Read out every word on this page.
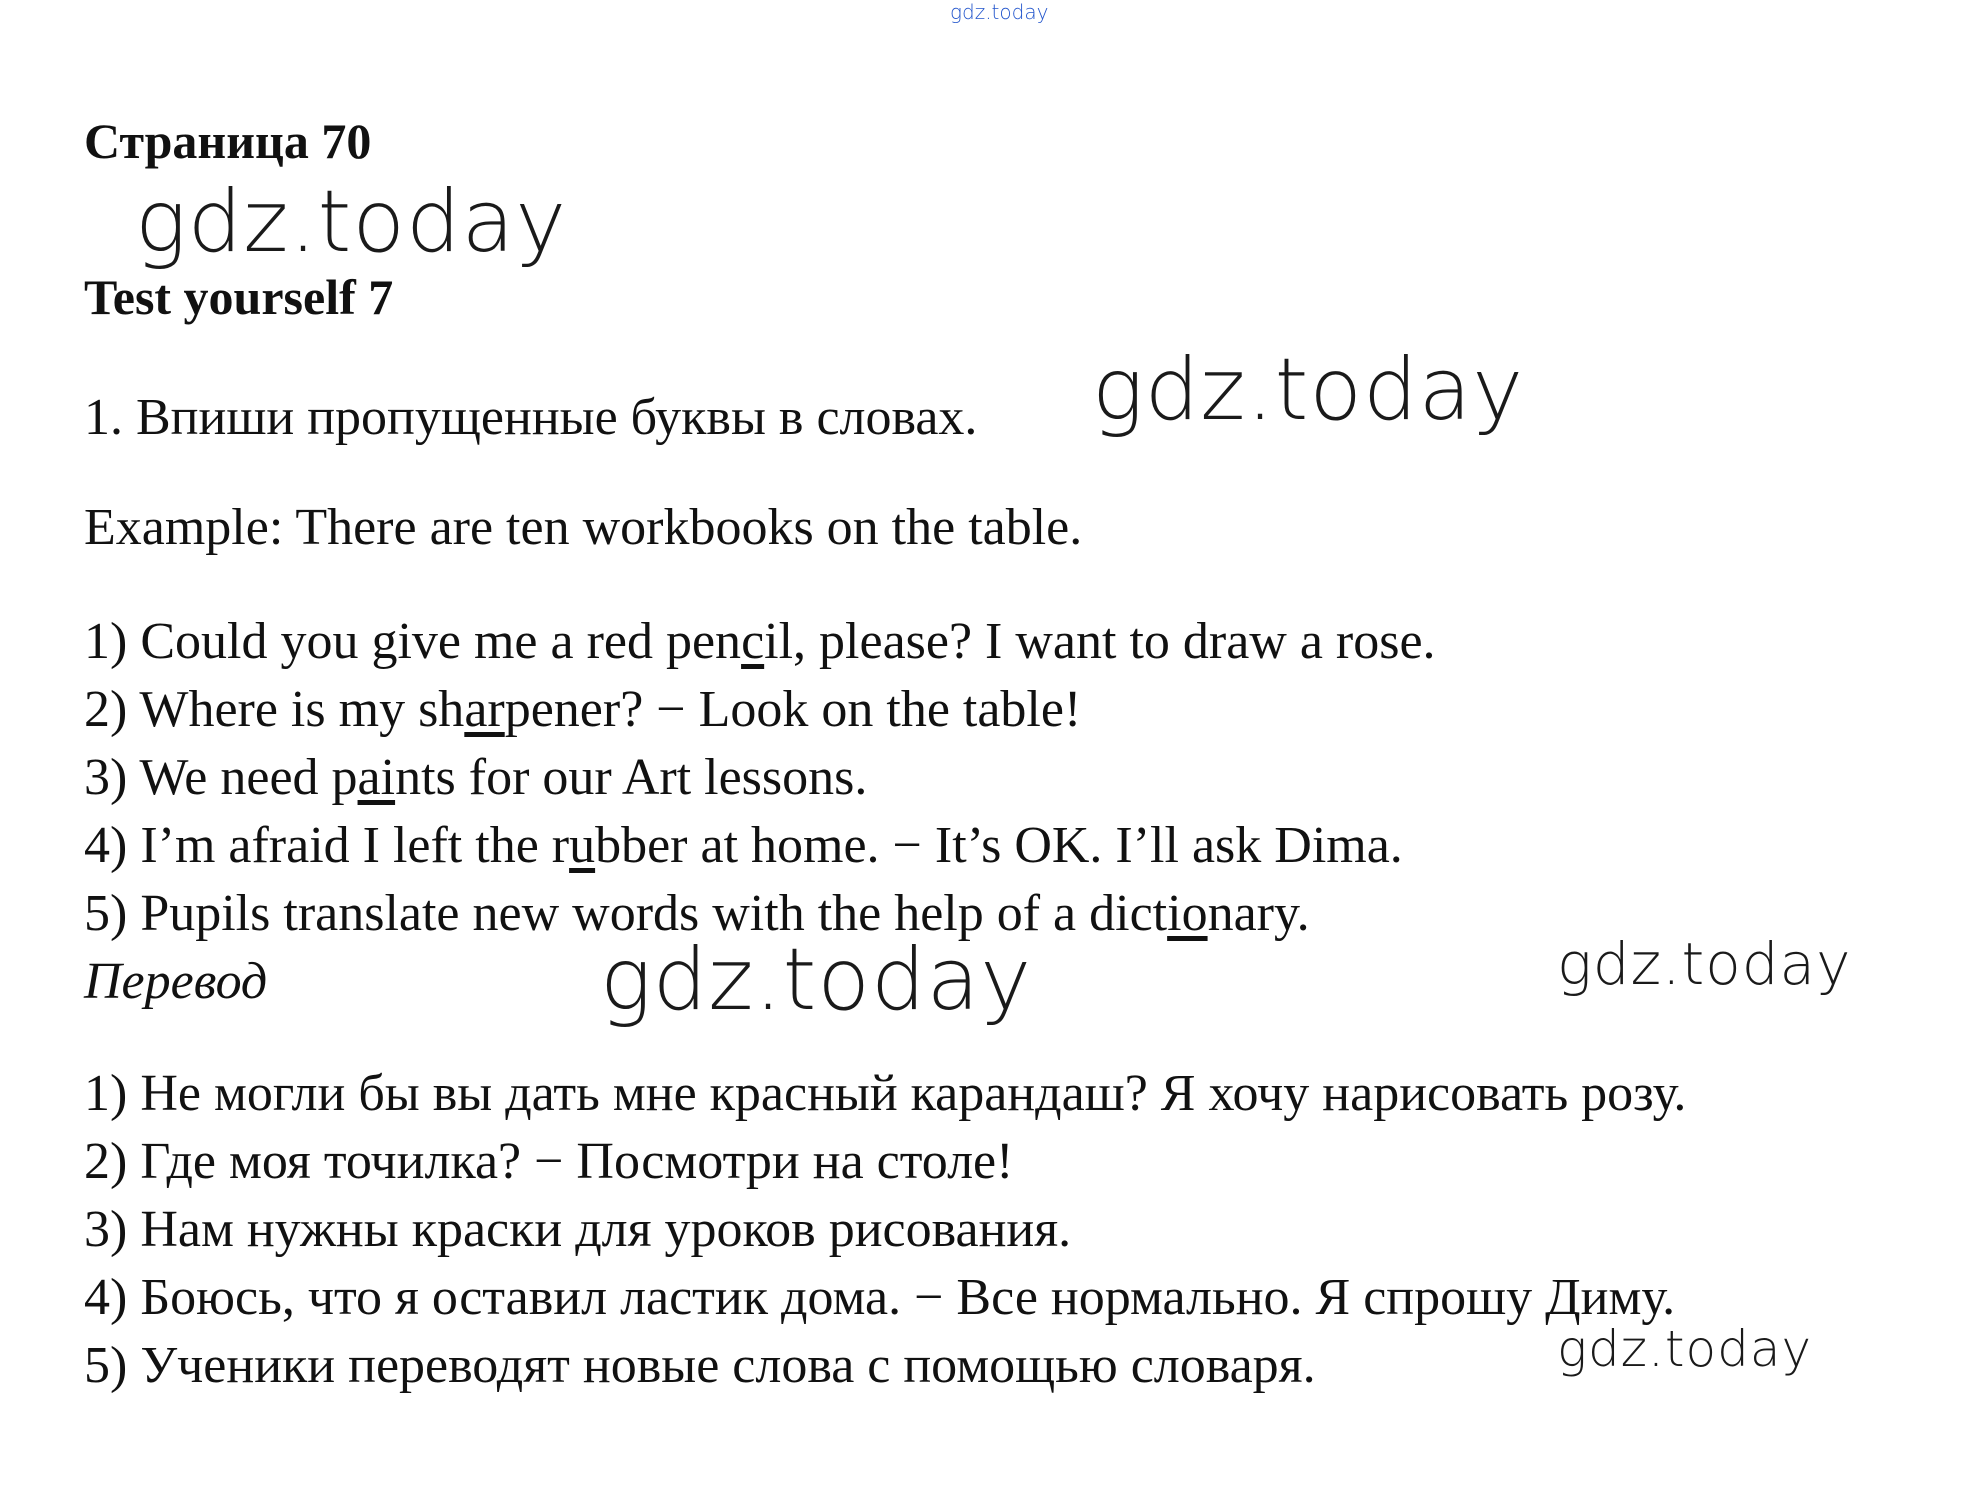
gdz.today
Страница 70
gdz.today
Test yourself 7
1. Впиши пропущенные буквы в словах. gdz.today
Example: There are ten workbooks on the table.
1) Could you give me a red pencil, please? I want to draw a rose.
2) Where is my sharpener? − Look on the table!
3) We need paints for our Art lessons.
4) I’m afraid I left the rubber at home. − It’s OK. I’ll ask Dima.
5) Pupils translate new words with the help of a dictionary.
Перевод	gdz.today	gdz.today
1) Не могли бы вы дать мне красный карандаш? Я хочу нарисовать розу.
2) Где моя точилка? − Посмотри на столе!
3) Нам нужны краски для уроков рисования.
4) Боюсь, что я оставил ластик дома. − Все нормально. Я спрошу Диму.
5) Ученики переводят новые слова с помощью словаря.	gdz.today
